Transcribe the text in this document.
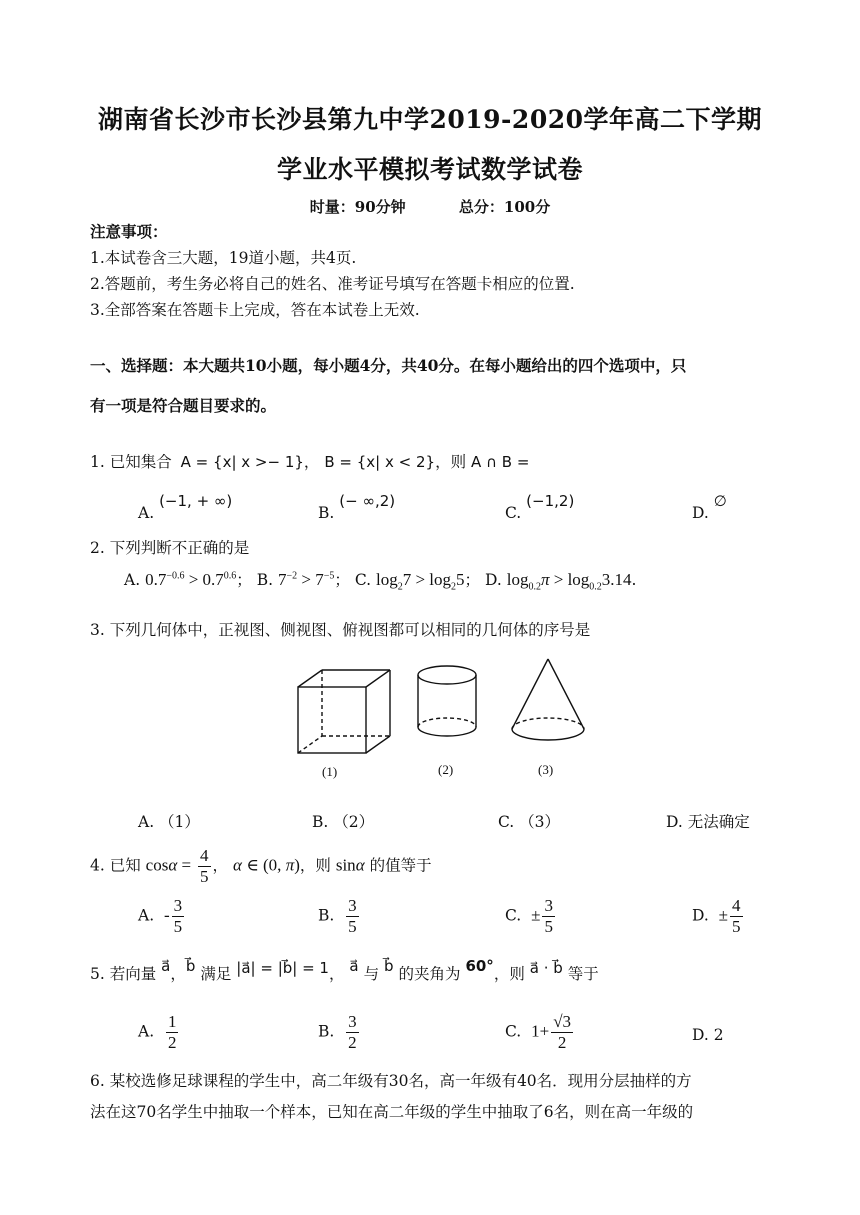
湖南省长沙市长沙县第九中学2019-2020学年高二下学期
学业水平模拟考试数学试卷
时量：90分钟	总分：100分
注意事项：
1.本试卷含三大题，19道小题，共4页.
2.答题前，考生务必将自己的姓名、准考证号填写在答题卡相应的位置.
3.全部答案在答题卡上完成，答在本试卷上无效.
一、选择题：本大题共10小题，每小题4分，共40分。在每小题给出的四个选项中，只
有一项是符合题目要求的。
1. 已知集合 A = {x| x >− 1}， B = {x| x < 2}，则 A ∩ B =
A. (−1, + ∞)
B. (− ∞,2)
C. (−1,2)
D. ∅
2. 下列判断不正确的是
A. $0.7^{-0.6} > 0.7^{0.6}$； B. $7^{-2} > 7^{-5}$； C. $\log_27 > \log_25$； D. $\log_{0.2}\pi > \log_{0.2}3.14$.
3. 下列几何体中，正视图、侧视图、俯视图都可以相同的几何体的序号是
(1)	(2)	(3)
A. （1）	B. （2）	C. （3）	D. 无法确定
4. 已知 $\cos\alpha = \frac{4}{5}$ ， α ∈ (0, π)，则 sinα 的值等于
A.  - $\frac{3}{5}$	B. $\frac{3}{5}$	C.  ± $\frac{3}{5}$	D.  ± $\frac{4}{5}$
5. 若向量 a⃗，b⃗ 满足 |a⃗| = |b⃗| = 1， a⃗ 与 b⃗ 的夹角为 60°，则 a⃗ · b⃗ 等于
A. $\frac{1}{2}$	B. $\frac{3}{2}$	C.  $1+ \frac{√3}{2}$	D. 2
6. 某校选修足球课程的学生中，高二年级有30名，高一年级有40名．现用分层抽样的方
法在这70名学生中抽取一个样本，已知在高二年级的学生中抽取了6名，则在高一年级的
